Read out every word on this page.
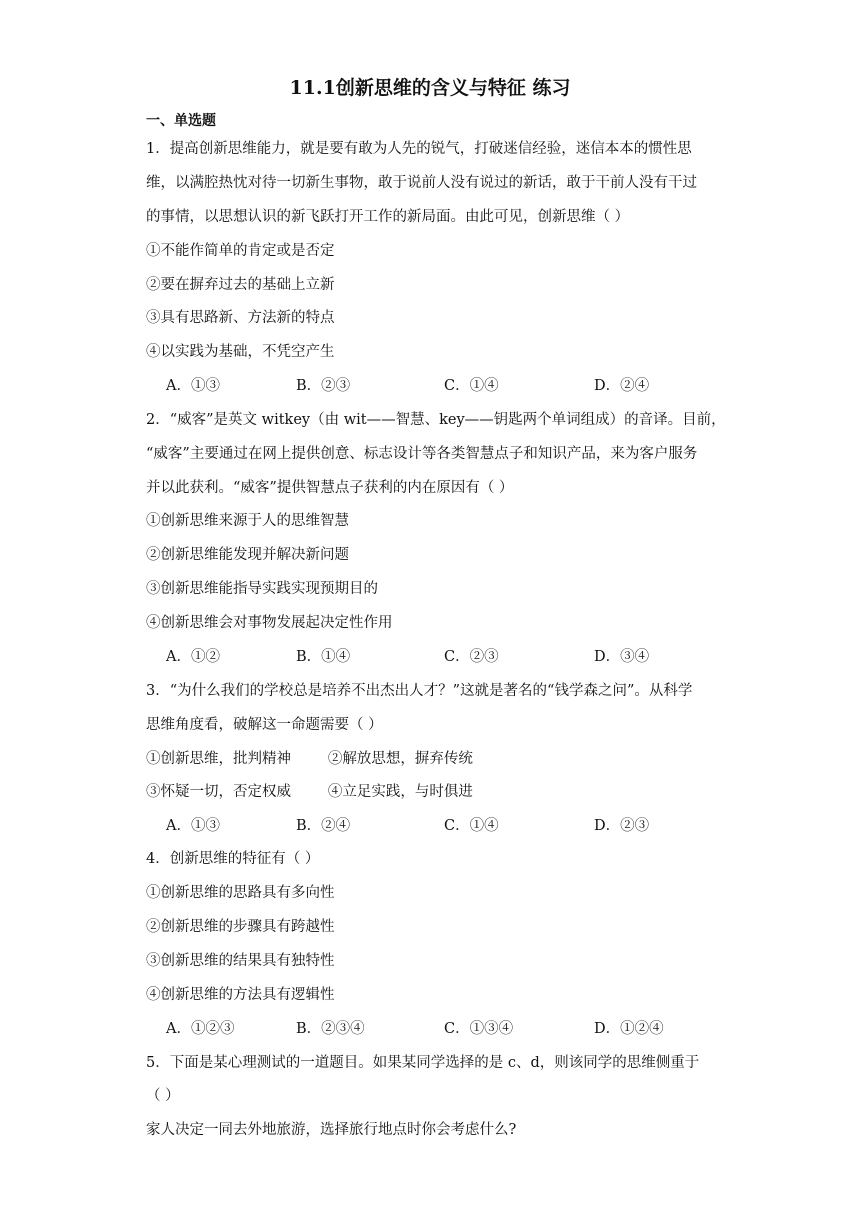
11.1创新思维的含义与特征 练习
一、单选题
1．提高创新思维能力，就是要有敢为人先的锐气，打破迷信经验，迷信本本的惯性思
维，以满腔热忱对待一切新生事物，敢于说前人没有说过的新话，敢于干前人没有干过
的事情，以思想认识的新飞跃打开工作的新局面。由此可见，创新思维（ ）
①不能作简单的肯定或是否定
②要在摒弃过去的基础上立新
③具有思路新、方法新的特点
④以实践为基础，不凭空产生
A．①③	B．②③	C．①④	D．②④
2．“威客”是英文 witkey（由 wit——智慧、key——钥匙两个单词组成）的音译。目前，
“威客”主要通过在网上提供创意、标志设计等各类智慧点子和知识产品，来为客户服务
并以此获利。“威客”提供智慧点子获利的内在原因有（ ）
①创新思维来源于人的思维智慧
②创新思维能发现并解决新问题
③创新思维能指导实践实现预期目的
④创新思维会对事物发展起决定性作用
A．①②	B．①④	C．②③	D．③④
3．“为什么我们的学校总是培养不出杰出人才？”这就是著名的“钱学森之问”。从科学
思维角度看，破解这一命题需要（ ）
①创新思维，批判精神        ②解放思想，摒弃传统
③怀疑一切，否定权威        ④立足实践，与时俱进
A．①③	B．②④	C．①④	D．②③
4．创新思维的特征有（ ）
①创新思维的思路具有多向性
②创新思维的步骤具有跨越性
③创新思维的结果具有独特性
④创新思维的方法具有逻辑性
A．①②③	B．②③④	C．①③④	D．①②④
5．下面是某心理测试的一道题目。如果某同学选择的是 c、d，则该同学的思维侧重于
（ ）
家人决定一同去外地旅游，选择旅行地点时你会考虑什么?
